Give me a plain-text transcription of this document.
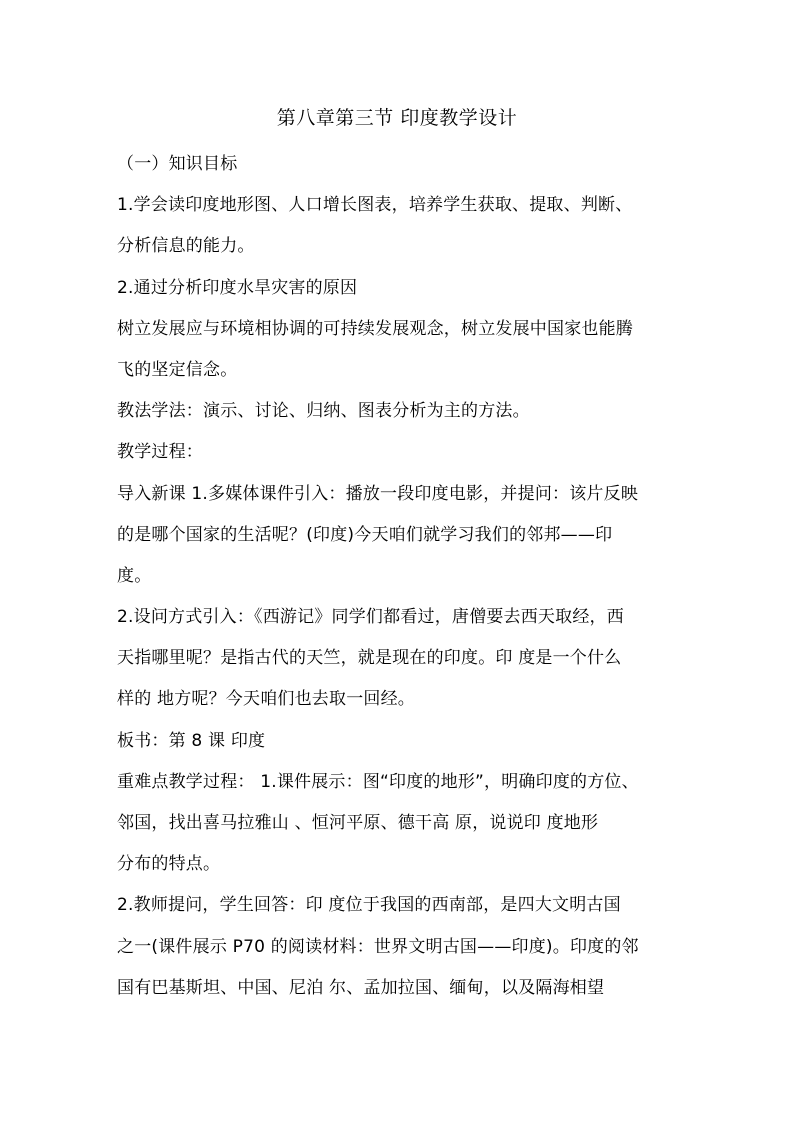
第八章第三节 印度教学设计
（一）知识目标
1.学会读印度地形图、人口增长图表，培养学生获取、提取、判断、
分析信息的能力。
2.通过分析印度水旱灾害的原因
树立发展应与环境相协调的可持续发展观念，树立发展中国家也能腾
飞的坚定信念。
教法学法：演示、讨论、归纳、图表分析为主的方法。
教学过程：
导入新课 1.多媒体课件引入：播放一段印度电影，并提问：该片反映
的是哪个国家的生活呢？(印度)今天咱们就学习我们的邻邦——印
度。
2.设问方式引入：《西游记》同学们都看过，唐僧要去西天取经，西
天指哪里呢？是指古代的天竺，就是现在的印度。印 度是一个什么
样的 地方呢？今天咱们也去取一回经。
板书：第 8 课 印度
重难点教学过程： 1.课件展示：图“印度的地形”，明确印度的方位、
邻国，找出喜马拉雅山 、恒河平原、德干高 原，说说印 度地形
分布的特点。
2.教师提问，学生回答：印 度位于我国的西南部，是四大文明古国
之一(课件展示 P70 的阅读材料：世界文明古国——印度)。印度的邻
国有巴基斯坦、中国、尼泊 尔、孟加拉国、缅甸，以及隔海相望
